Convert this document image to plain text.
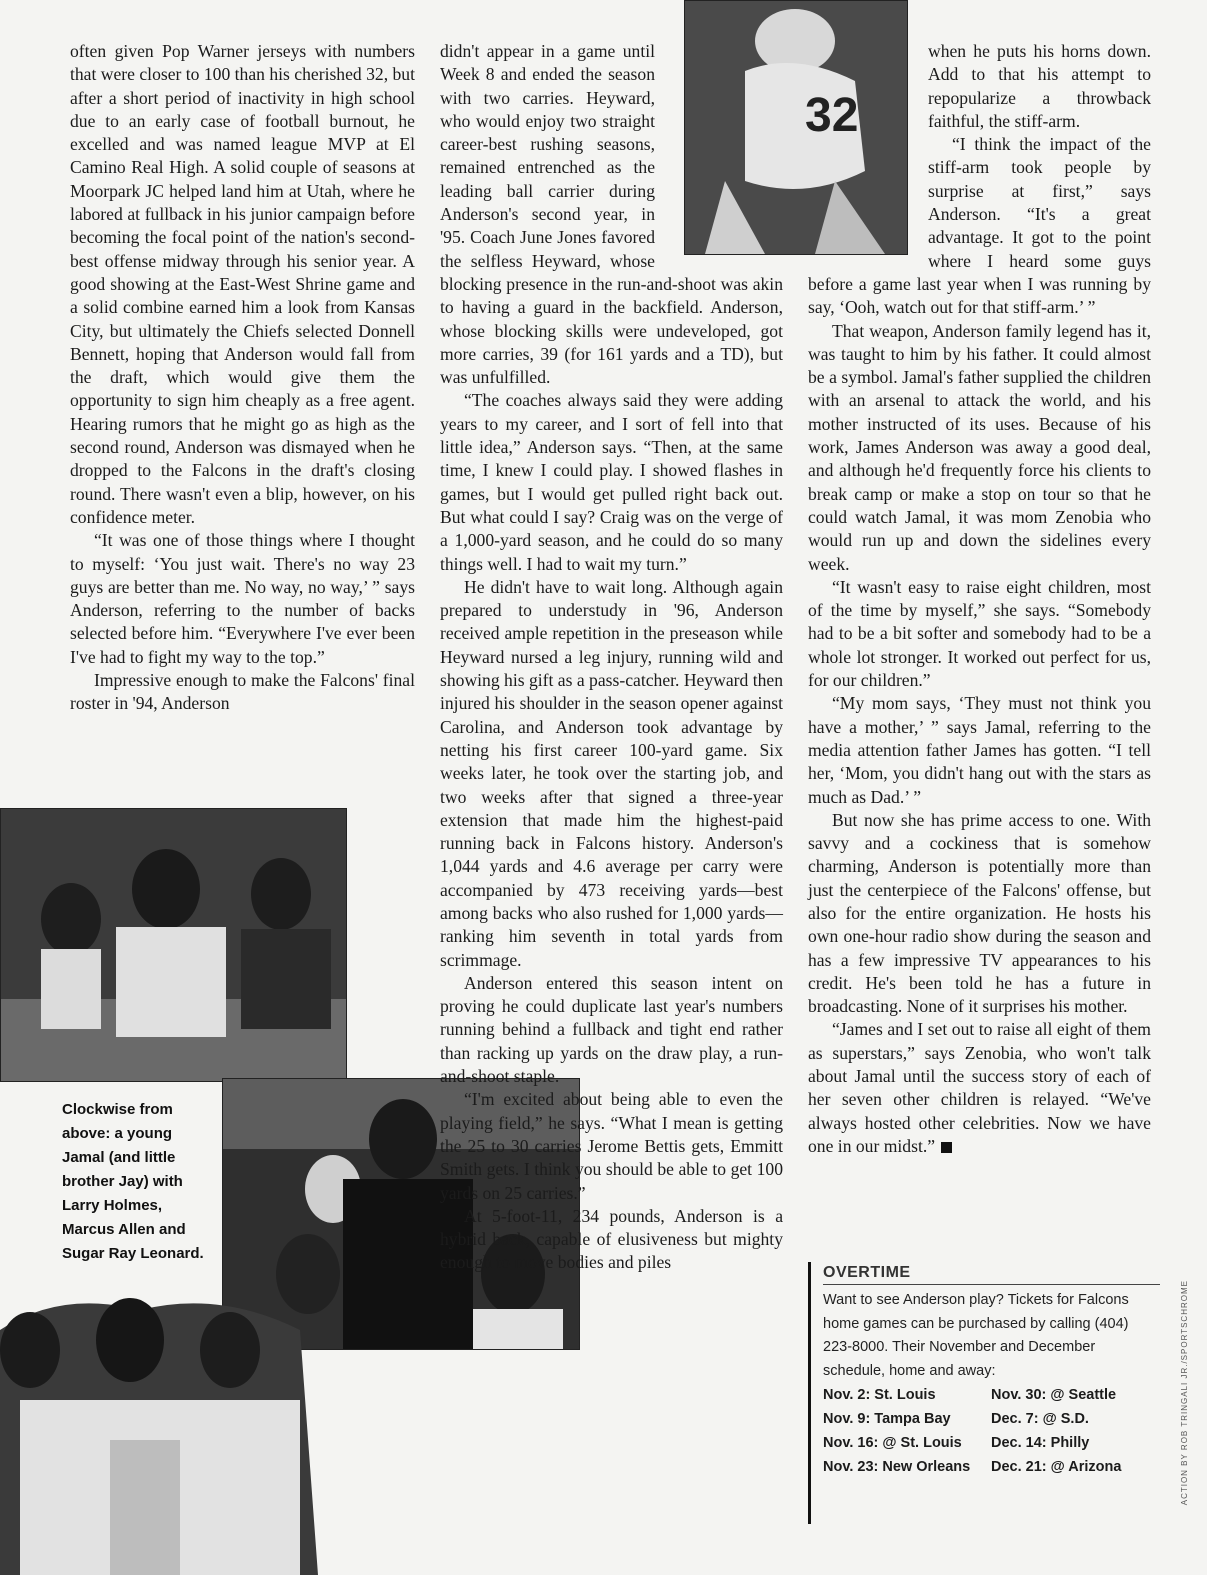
32

often given Pop Warner jerseys with numbers that were closer to 100 than his cherished 32, but after a short period of inactivity in high school due to an early case of football burnout, he excelled and was named league MVP at El Camino Real High. A solid couple of seasons at Moorpark JC helped land him at Utah, where he labored at fullback in his junior campaign before becoming the focal point of the nation's second-best offense midway through his senior year. A good showing at the East-West Shrine game and a solid combine earned him a look from Kansas City, but ultimately the Chiefs selected Donnell Bennett, hoping that Anderson would fall from the draft, which would give them the opportunity to sign him cheaply as a free agent. Hearing rumors that he might go as high as the second round, Anderson was dismayed when he dropped to the Falcons in the draft's closing round. There wasn't even a blip, however, on his confidence meter.

“It was one of those things where I thought to myself: ‘You just wait. There's no way 23 guys are better than me. No way, no way,’ ” says Anderson, referring to the number of backs selected before him. “Everywhere I've ever been I've had to fight my way to the top.”

Impressive enough to make the Falcons' final roster in '94, Anderson

didn't appear in a game until Week 8 and ended the season with two carries. Heyward, who would enjoy two straight career-best rushing seasons, remained entrenched as the leading ball carrier during Anderson's second year, in '95. Coach June Jones favored the selfless Heyward, whose blocking presence in the run-and-shoot was akin to having a guard in the backfield. Anderson, whose blocking skills were undeveloped, got more carries, 39 (for 161 yards and a TD), but was unfulfilled.

“The coaches always said they were adding years to my career, and I sort of fell into that little idea,” Anderson says. “Then, at the same time, I knew I could play. I showed flashes in games, but I would get pulled right back out. But what could I say? Craig was on the verge of a 1,000-yard season, and he could do so many things well. I had to wait my turn.”

He didn't have to wait long. Although again prepared to understudy in '96, Anderson received ample repetition in the preseason while Heyward nursed a leg injury, running wild and showing his gift as a pass-catcher. Heyward then injured his shoulder in the season opener against Carolina, and Anderson took advantage by netting his first career 100-yard game. Six weeks later, he took over the starting job, and two weeks after that signed a three-year extension that made him the highest-paid running back in Falcons history. Anderson's 1,044 yards and 4.6 average per carry were accompanied by 473 receiving yards—best among backs who also rushed for 1,000 yards—ranking him seventh in total yards from scrimmage.

Anderson entered this season intent on proving he could duplicate last year's numbers running behind a fullback and tight end rather than racking up yards on the draw play, a run-and-shoot staple.

“I'm excited about being able to even the playing field,” he says. “What I mean is getting the 25 to 30 carries Jerome Bettis gets, Emmitt Smith gets. I think you should be able to get 100 yards on 25 carries.”

At 5-foot-11, 234 pounds, Anderson is a hybrid back, capable of elusiveness but mighty enough to move bodies and piles

when he puts his horns down. Add to that his attempt to repopularize a throwback faithful, the stiff-arm.

“I think the impact of the stiff-arm took people by surprise at first,” says Anderson. “It's a great advantage. It got to the point where I heard some guys before a game last year when I was running by say, ‘Ooh, watch out for that stiff-arm.’ ”

That weapon, Anderson family legend has it, was taught to him by his father. It could almost be a symbol. Jamal's father supplied the children with an arsenal to attack the world, and his mother instructed of its uses. Because of his work, James Anderson was away a good deal, and although he'd frequently force his clients to break camp or make a stop on tour so that he could watch Jamal, it was mom Zenobia who would run up and down the sidelines every week.

“It wasn't easy to raise eight children, most of the time by myself,” she says. “Somebody had to be a bit softer and somebody had to be a whole lot stronger. It worked out perfect for us, for our children.”

“My mom says, ‘They must not think you have a mother,’ ” says Jamal, referring to the media attention father James has gotten. “I tell her, ‘Mom, you didn't hang out with the stars as much as Dad.’ ”

But now she has prime access to one. With savvy and a cockiness that is somehow charming, Anderson is potentially more than just the centerpiece of the Falcons' offense, but also for the entire organization. He hosts his own one-hour radio show during the season and has a few impressive TV appearances to his credit. He's been told he has a future in broadcasting. None of it surprises his mother.

“James and I set out to raise all eight of them as superstars,” says Zenobia, who won't talk about Jamal until the success story of each of her seven other children is relayed. “We've always hosted other celebrities. Now we have one in our midst.”

Clockwise from above: a young Jamal (and little brother Jay) with Larry Holmes, Marcus Allen and Sugar Ray Leonard.
OVERTIME
Want to see Anderson play? Tickets for Falcons home games can be purchased by calling (404) 223-8000. Their November and December schedule, home and away:
Nov. 2: St. Louis	Nov. 30: @ Seattle
Nov. 9: Tampa Bay	Dec. 7: @ S.D.
Nov. 16: @ St. Louis	Dec. 14: Philly
Nov. 23: New Orleans	Dec. 21: @ Arizona	ACTION BY ROB TRINGALI JR./SPORTSCHROME
